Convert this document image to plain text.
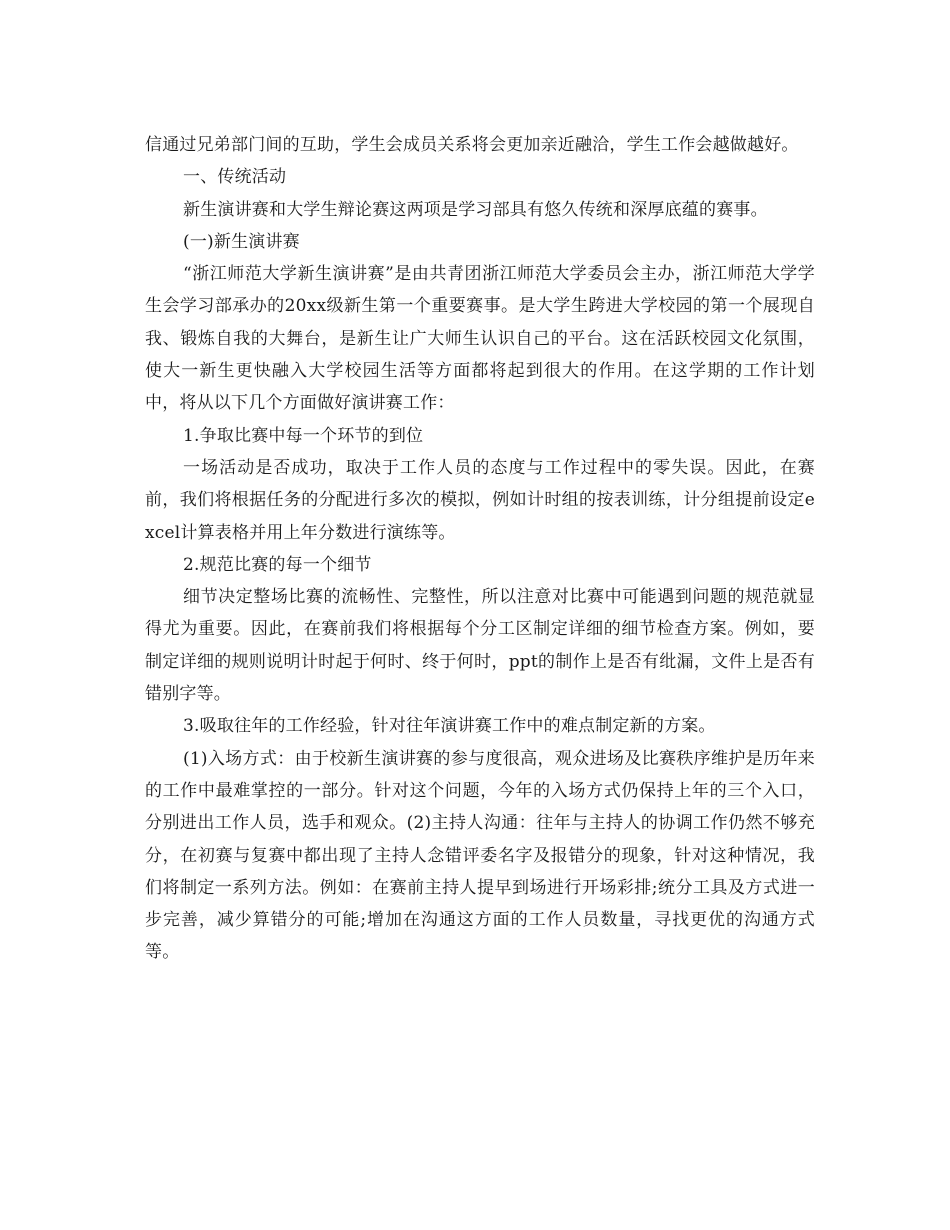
信通过兄弟部门间的互助，学生会成员关系将会更加亲近融洽，学生工作会越做越好。

一、传统活动

新生演讲赛和大学生辩论赛这两项是学习部具有悠久传统和深厚底蕴的赛事。

(一)新生演讲赛

“浙江师范大学新生演讲赛”是由共青团浙江师范大学委员会主办，浙江师范大学学生会学习部承办的20xx级新生第一个重要赛事。是大学生跨进大学校园的第一个展现自我、锻炼自我的大舞台，是新生让广大师生认识自己的平台。这在活跃校园文化氛围，使大一新生更快融入大学校园生活等方面都将起到很大的作用。在这学期的工作计划中，将从以下几个方面做好演讲赛工作：

1.争取比赛中每一个环节的到位

一场活动是否成功，取决于工作人员的态度与工作过程中的零失误。因此，在赛前，我们将根据任务的分配进行多次的模拟，例如计时组的按表训练，计分组提前设定excel计算表格并用上年分数进行演练等。

2.规范比赛的每一个细节

细节决定整场比赛的流畅性、完整性，所以注意对比赛中可能遇到问题的规范就显得尤为重要。因此，在赛前我们将根据每个分工区制定详细的细节检查方案。例如，要制定详细的规则说明计时起于何时、终于何时，ppt的制作上是否有纰漏，文件上是否有错别字等。

3.吸取往年的工作经验，针对往年演讲赛工作中的难点制定新的方案。

(1)入场方式：由于校新生演讲赛的参与度很高，观众进场及比赛秩序维护是历年来的工作中最难掌控的一部分。针对这个问题，今年的入场方式仍保持上年的三个入口，分别进出工作人员，选手和观众。(2)主持人沟通：往年与主持人的协调工作仍然不够充分，在初赛与复赛中都出现了主持人念错评委名字及报错分的现象，针对这种情况，我们将制定一系列方法。例如：在赛前主持人提早到场进行开场彩排;统分工具及方式进一步完善，减少算错分的可能;增加在沟通这方面的工作人员数量，寻找更优的沟通方式等。
